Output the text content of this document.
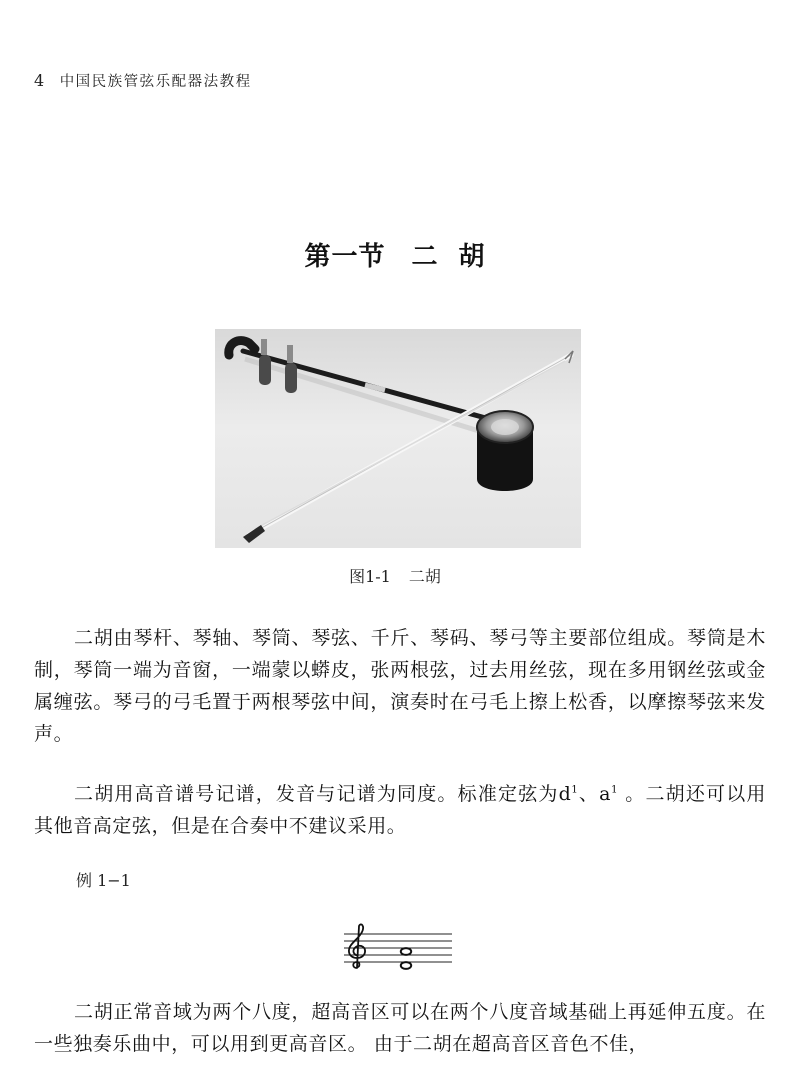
4 中国民族管弦乐配器法教程
第一节 二  胡
图1-1 二胡

二胡由琴杆、琴轴、琴筒、琴弦、千斤、琴码、琴弓等主要部位组成。琴筒是木制，琴筒一端为音窗，一端蒙以蟒皮，张两根弦，过去用丝弦，现在多用钢丝弦或金属缠弦。琴弓的弓毛置于两根琴弦中间，演奏时在弓毛上擦上松香，以摩擦琴弦来发声。

二胡用高音谱号记谱，发音与记谱为同度。标准定弦为$d^1$、$a^1$ 。二胡还可以用其他音高定弦，但是在合奏中不建议采用。

例 1−1

二胡正常音域为两个八度，超高音区可以在两个八度音域基础上再延伸五度。在一些独奏乐曲中，可以用到更高音区。 由于二胡在超高音区音色不佳，
